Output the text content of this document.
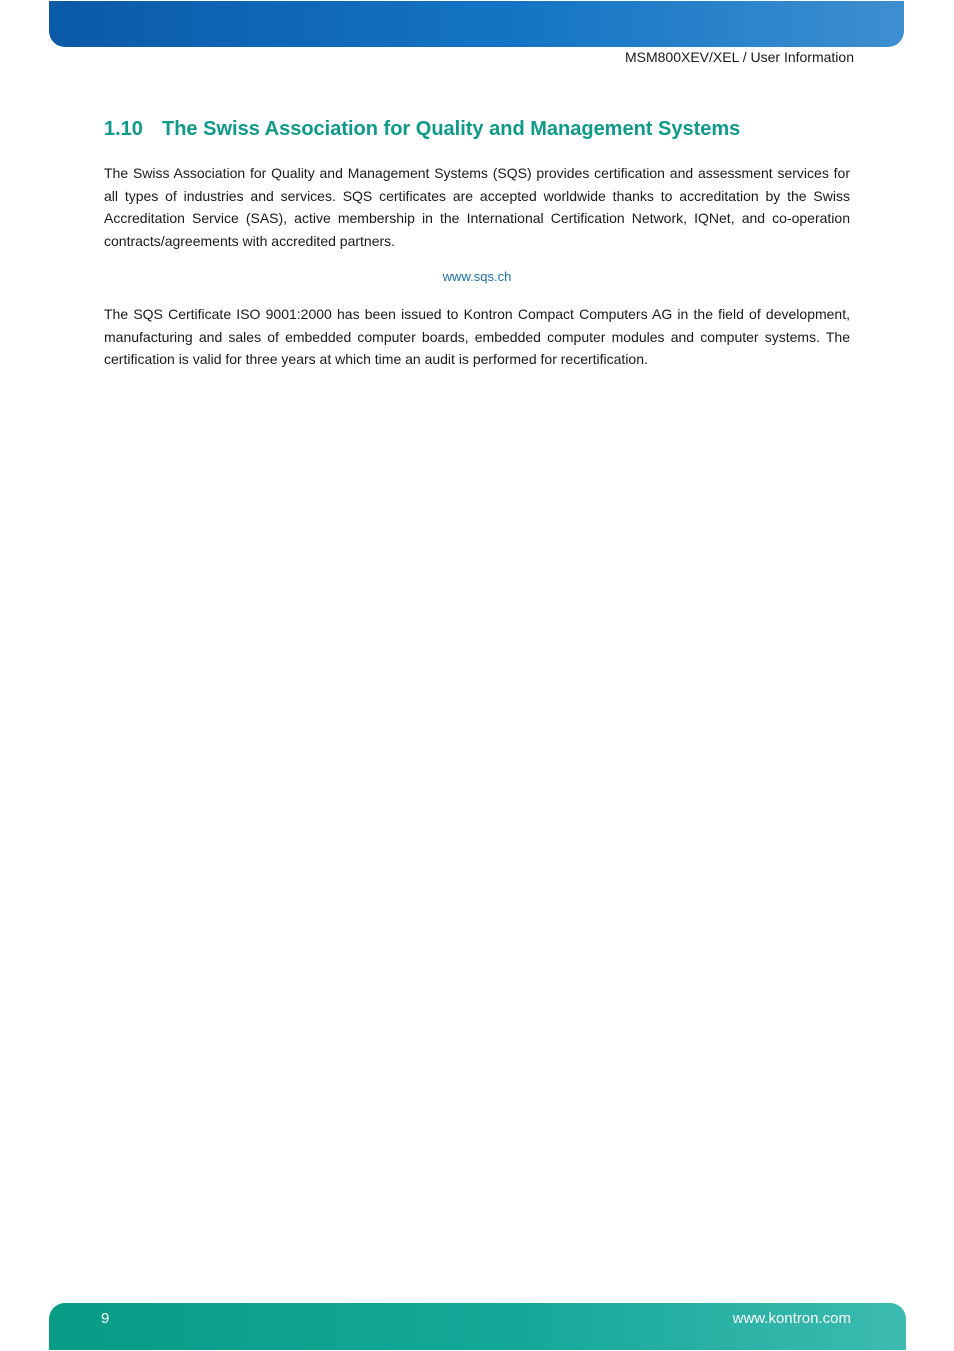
MSM800XEV/XEL / User Information
1.10 The Swiss Association for Quality and Management Systems

The Swiss Association for Quality and Management Systems (SQS) provides certification and assessment services for all types of industries and services. SQS certificates are accepted worldwide thanks to accreditation by the Swiss Accreditation Service (SAS), active membership in the International Certification Network, IQNet, and co-operation contracts/agreements with accredited partners.

www.sqs.ch

The SQS Certificate ISO 9001:2000 has been issued to Kontron Compact Computers AG in the field of development, manufacturing and sales of embedded computer boards, embedded computer modules and computer systems. The certification is valid for three years at which time an audit is performed for recertification.

9	www.kontron.com
